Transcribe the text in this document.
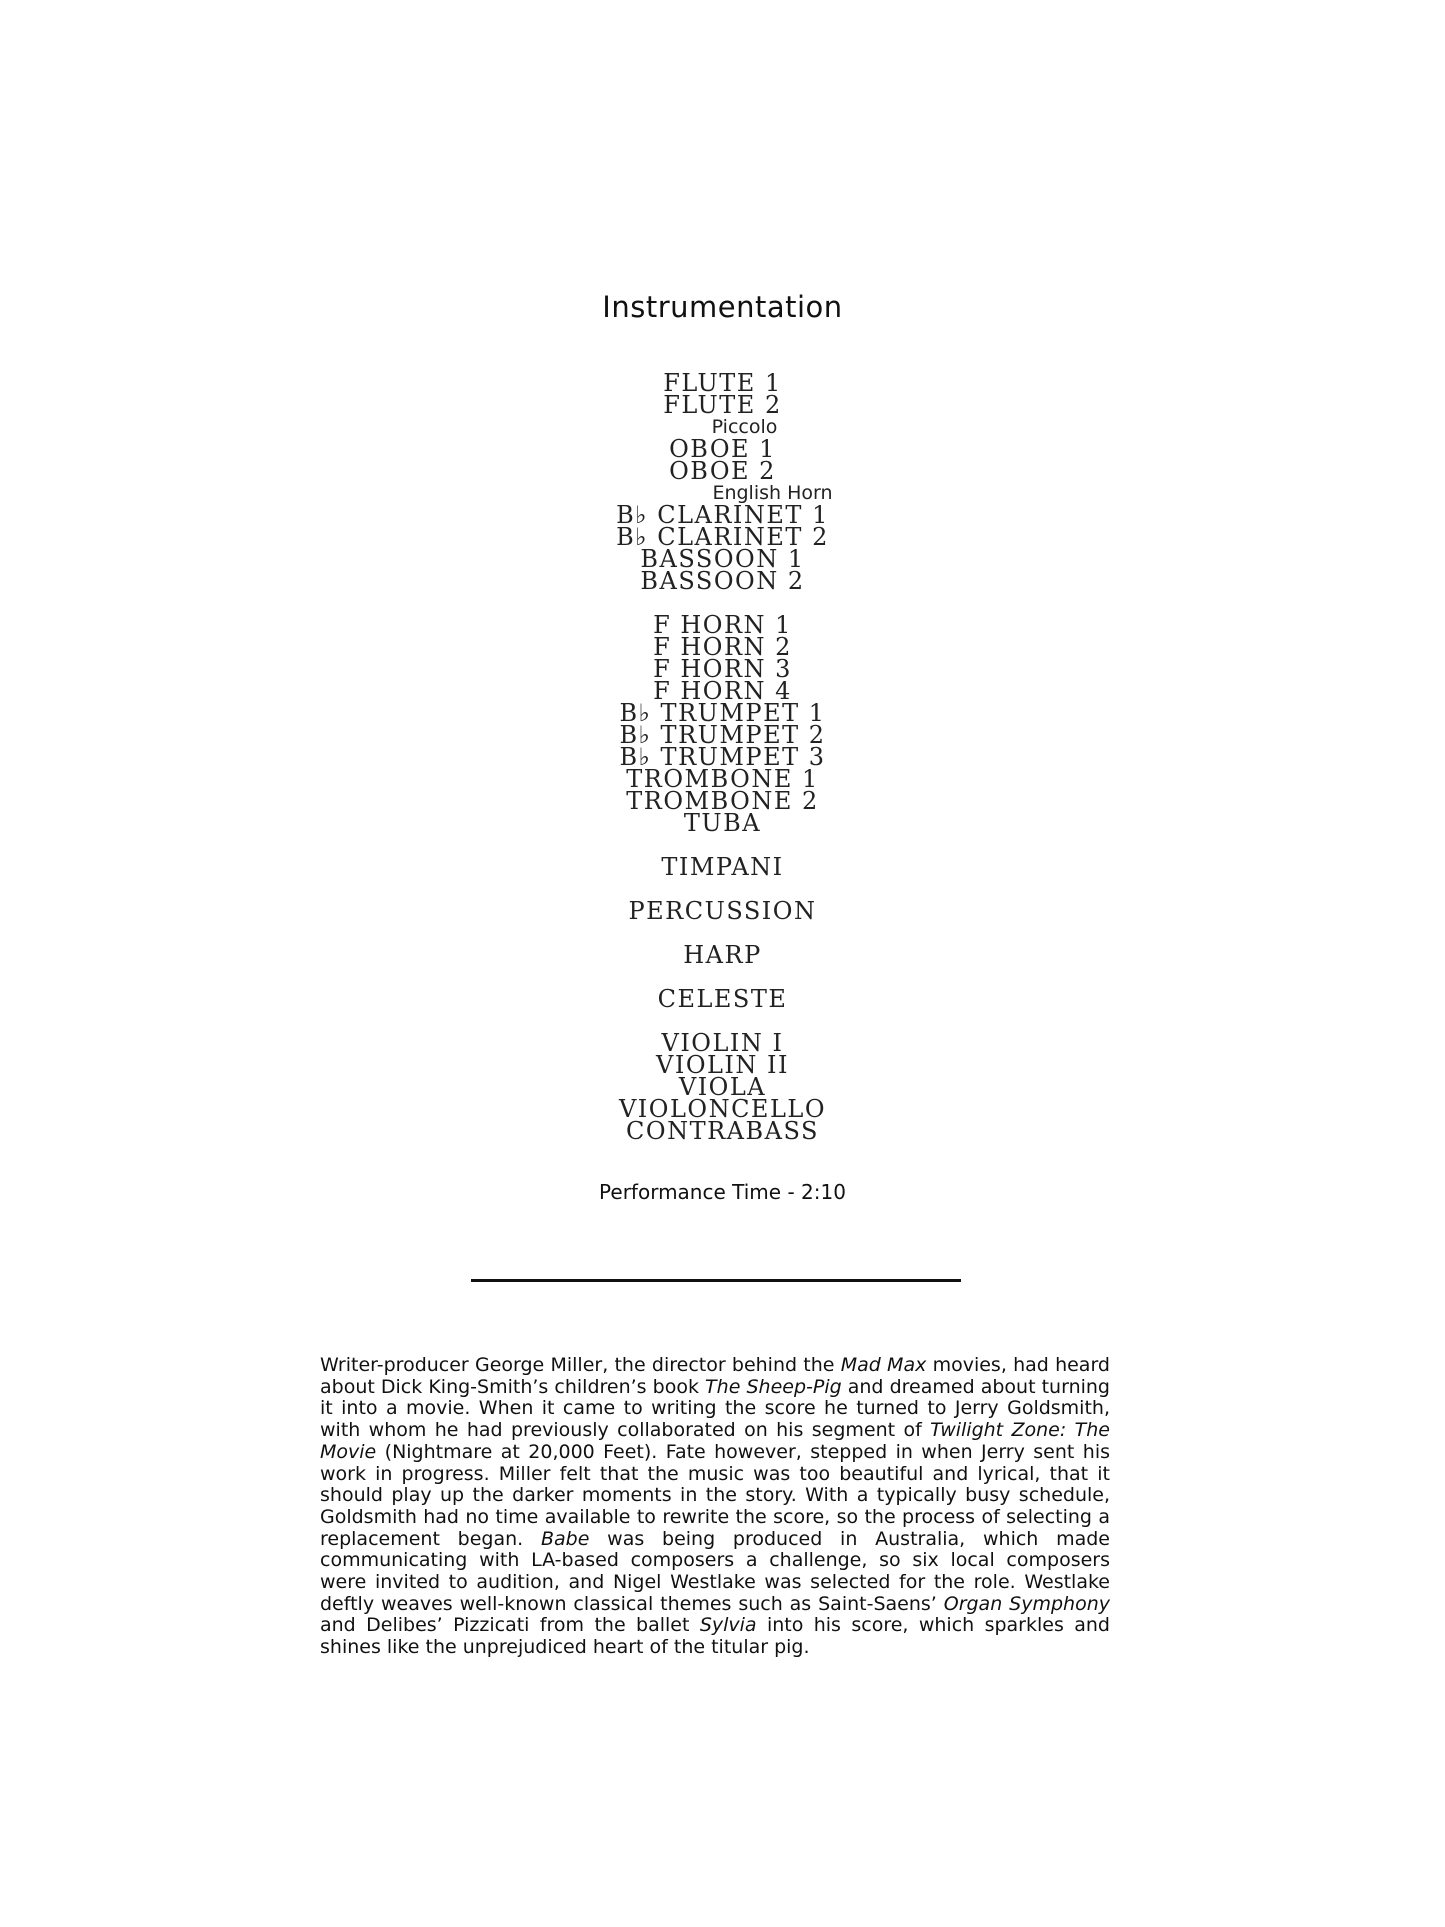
Instrumentation
FLUTE 1
FLUTE 2
Piccolo
OBOE 1
OBOE 2
English Horn
B♭ CLARINET 1
B♭ CLARINET 2
BASSOON 1
BASSOON 2
F HORN 1
F HORN 2
F HORN 3
F HORN 4
B♭ TRUMPET 1
B♭ TRUMPET 2
B♭ TRUMPET 3
TROMBONE 1
TROMBONE 2
TUBA
TIMPANI
PERCUSSION
HARP
CELESTE
VIOLIN I
VIOLIN II
VIOLA
VIOLONCELLO
CONTRABASS
Performance Time - 2:10
Writer-producer George Miller, the director behind the Mad Max movies, had heard about Dick King-Smith’s children’s book The Sheep-Pig and dreamed about turning it into a movie. When it came to writing the score he turned to Jerry Goldsmith, with whom he had previously collaborated on his segment of Twilight Zone: The Movie (Nightmare at 20,000 Feet). Fate however, stepped in when Jerry sent his work in progress. Miller felt that the music was too beautiful and lyrical, that it should play up the darker moments in the story. With a typically busy schedule, Goldsmith had no time available to rewrite the score, so the process of selecting a replacement began. Babe was being produced in Australia, which made communicating with LA-based composers a challenge, so six local composers were invited to audition, and Nigel Westlake was selected for the role. Westlake deftly weaves well-known classical themes such as Saint-Saens’ Organ Symphony and Delibes’ Pizzicati from the ballet Sylvia into his score, which sparkles and shines like the unprejudiced heart of the titular pig.
